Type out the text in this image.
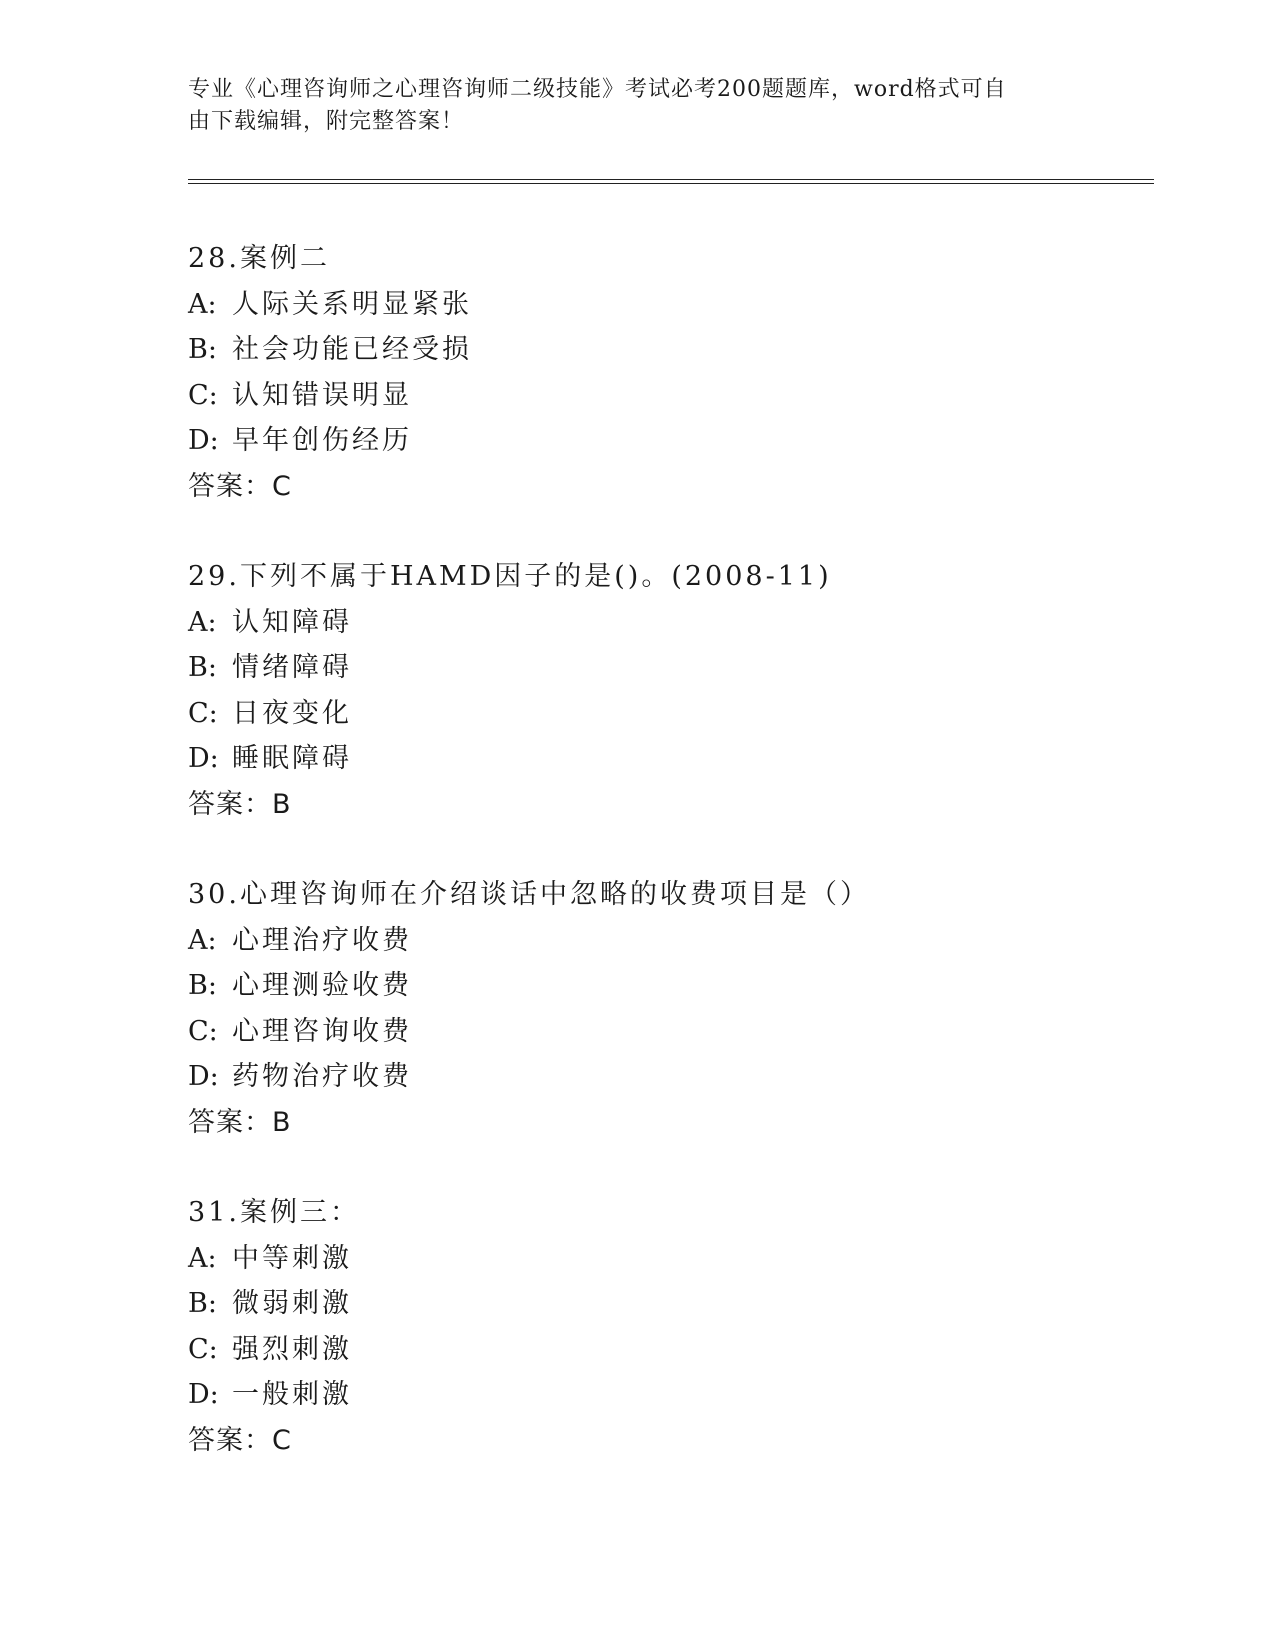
专业《心理咨询师之心理咨询师二级技能》考试必考200题题库，word格式可自
由下载编辑，附完整答案！
28.案例二
A: 人际关系明显紧张
B: 社会功能已经受损
C: 认知错误明显
D: 早年创伤经历
答案：C
29.下列不属于HAMD因子的是()。(2008-11)
A: 认知障碍
B: 情绪障碍
C: 日夜变化
D: 睡眠障碍
答案：B
30.心理咨询师在介绍谈话中忽略的收费项目是（）
A: 心理治疗收费
B: 心理测验收费
C: 心理咨询收费
D: 药物治疗收费
答案：B
31.案例三：
A: 中等刺激
B: 微弱刺激
C: 强烈刺激
D: 一般刺激
答案：C
